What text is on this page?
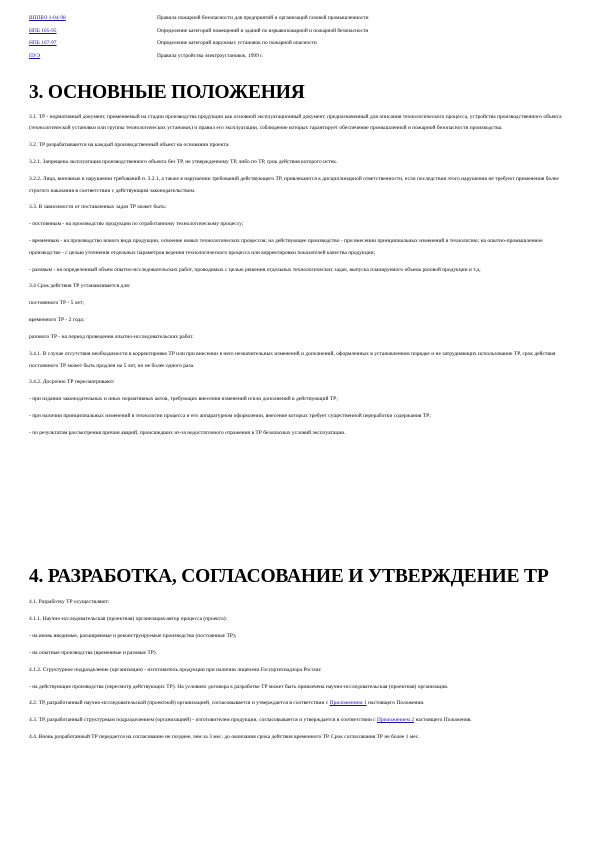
ВППБО 1-04-98	Правила пожарной безопасности для предприятий и организаций газовой промышленности
НПБ 105-95	Определение категорий помещений и зданий по взрывопожарной и пожарной безопасности
НПБ 107-97	Определение категорий наружных установок по пожарной опасности
ПУЭ	Правила устройства электроустановок, 1999 г.
3. ОСНОВНЫЕ ПОЛОЖЕНИЯ

3.1. ТР - нормативный документ, применяемый на стадии производства продукции как основной эксплуатационный документ, предназначенный для описания технологического процесса, устройства производственного объекта (технологической установки или группы технологических установок) и правил его эксплуатации, соблюдение которых гарантирует обеспечение промышленной и пожарной безопасности производства.

3.2. ТР разрабатываются на каждый производственный объект на основании проекта.

3.2.1. Запрещена эксплуатация производственного объекта без ТР, не утвержденному ТР, либо по ТР, срок действия которого истек.

3.2.2. Лица, виновные в нарушении требований п. 3.2.1, а также в нарушении требований действующего ТР, привлекаются к дисциплинарной ответственности, если последствия этого нарушения не требуют применения более строгого наказания в соответствии с действующим законодательством.

3.3. В зависимости от поставленных задач ТР может быть:

- постоянным - на производство продукции по отработанному технологическому процессу;

- временным - на производство нового вида продукции, освоение новых технологических процессов; на действующее производство - при внесении принципиальных изменений в технологию; на опытно-промышленное производство - с целью уточнения отдельных параметров ведения технологического процесса или корректировки показателей качества продукции;

- разовым - на определенный объем опытно-исследовательских работ, проводимых с целью решения отдельных технологических задач, выпуска планируемого объема разовой продукции и т.д.

3.4 Срок действия ТР устанавливается для:

постоянного ТР - 5 лет;

временного ТР - 2 года;

разового ТР - на период проведения опытно-исследовательских работ.

3.4.1. В случае отсутствия необходимости в корректировке ТР или при внесении в него незначительных изменений и дополнений, оформленных в установленном порядке и не затрудняющих использование ТР, срок действия постоянного ТР может быть продлен на 5 лет, но не более одного раза.

3.4.2. Досрочно ТР пересматривают:

- при издании законодательных и иных нормативных актов, требующих внесения изменений и/или дополнений в действующий ТР;

- при наличии принципиальных изменений в технологии процесса и его аппаратурном оформлении, внесение которых требует существенной переработки содержания ТР;

- по результатам рассмотрения причин аварий, происшедших из-за недостаточного отражения в ТР безопасных условий эксплуатации.

4. РАЗРАБОТКА, СОГЛАСОВАНИЕ И УТВЕРЖДЕНИЕ ТР

4.1. Разработку ТР осуществляют:

4.1.1. Научно-исследовательская (проектная) организация-автор процесса (проекта):

- на вновь вводимые, расширяемые и реконструируемые производства (постоянные ТР);

- на опытные производства (временные и разовые ТР).

4.1.2. Структурное подразделение (организация) - изготовитель продукции при наличии лицензии Госгортехнадзора России:

- на действующие производства (пересмотр действующих ТР). На условиях договора к разработке ТР может быть привлечена научно-исследовательская (проектная) организация.

4.2. ТР, разработанный научно-исследовательской (проектной) организацией, согласовывается и утверждается в соответствии с Приложением 1 настоящего Положения.

4.3. ТР, разработанный структурным подразделением (организацией) - изготовителем продукции, согласовывается и утверждается в соответствии с Приложением 2 настоящего Положения.

4.4. Вновь разработанный ТР передается на согласование не позднее, чем за 3 мес. до окончания срока действия временного ТР. Срок согласования ТР не более 1 мес.
